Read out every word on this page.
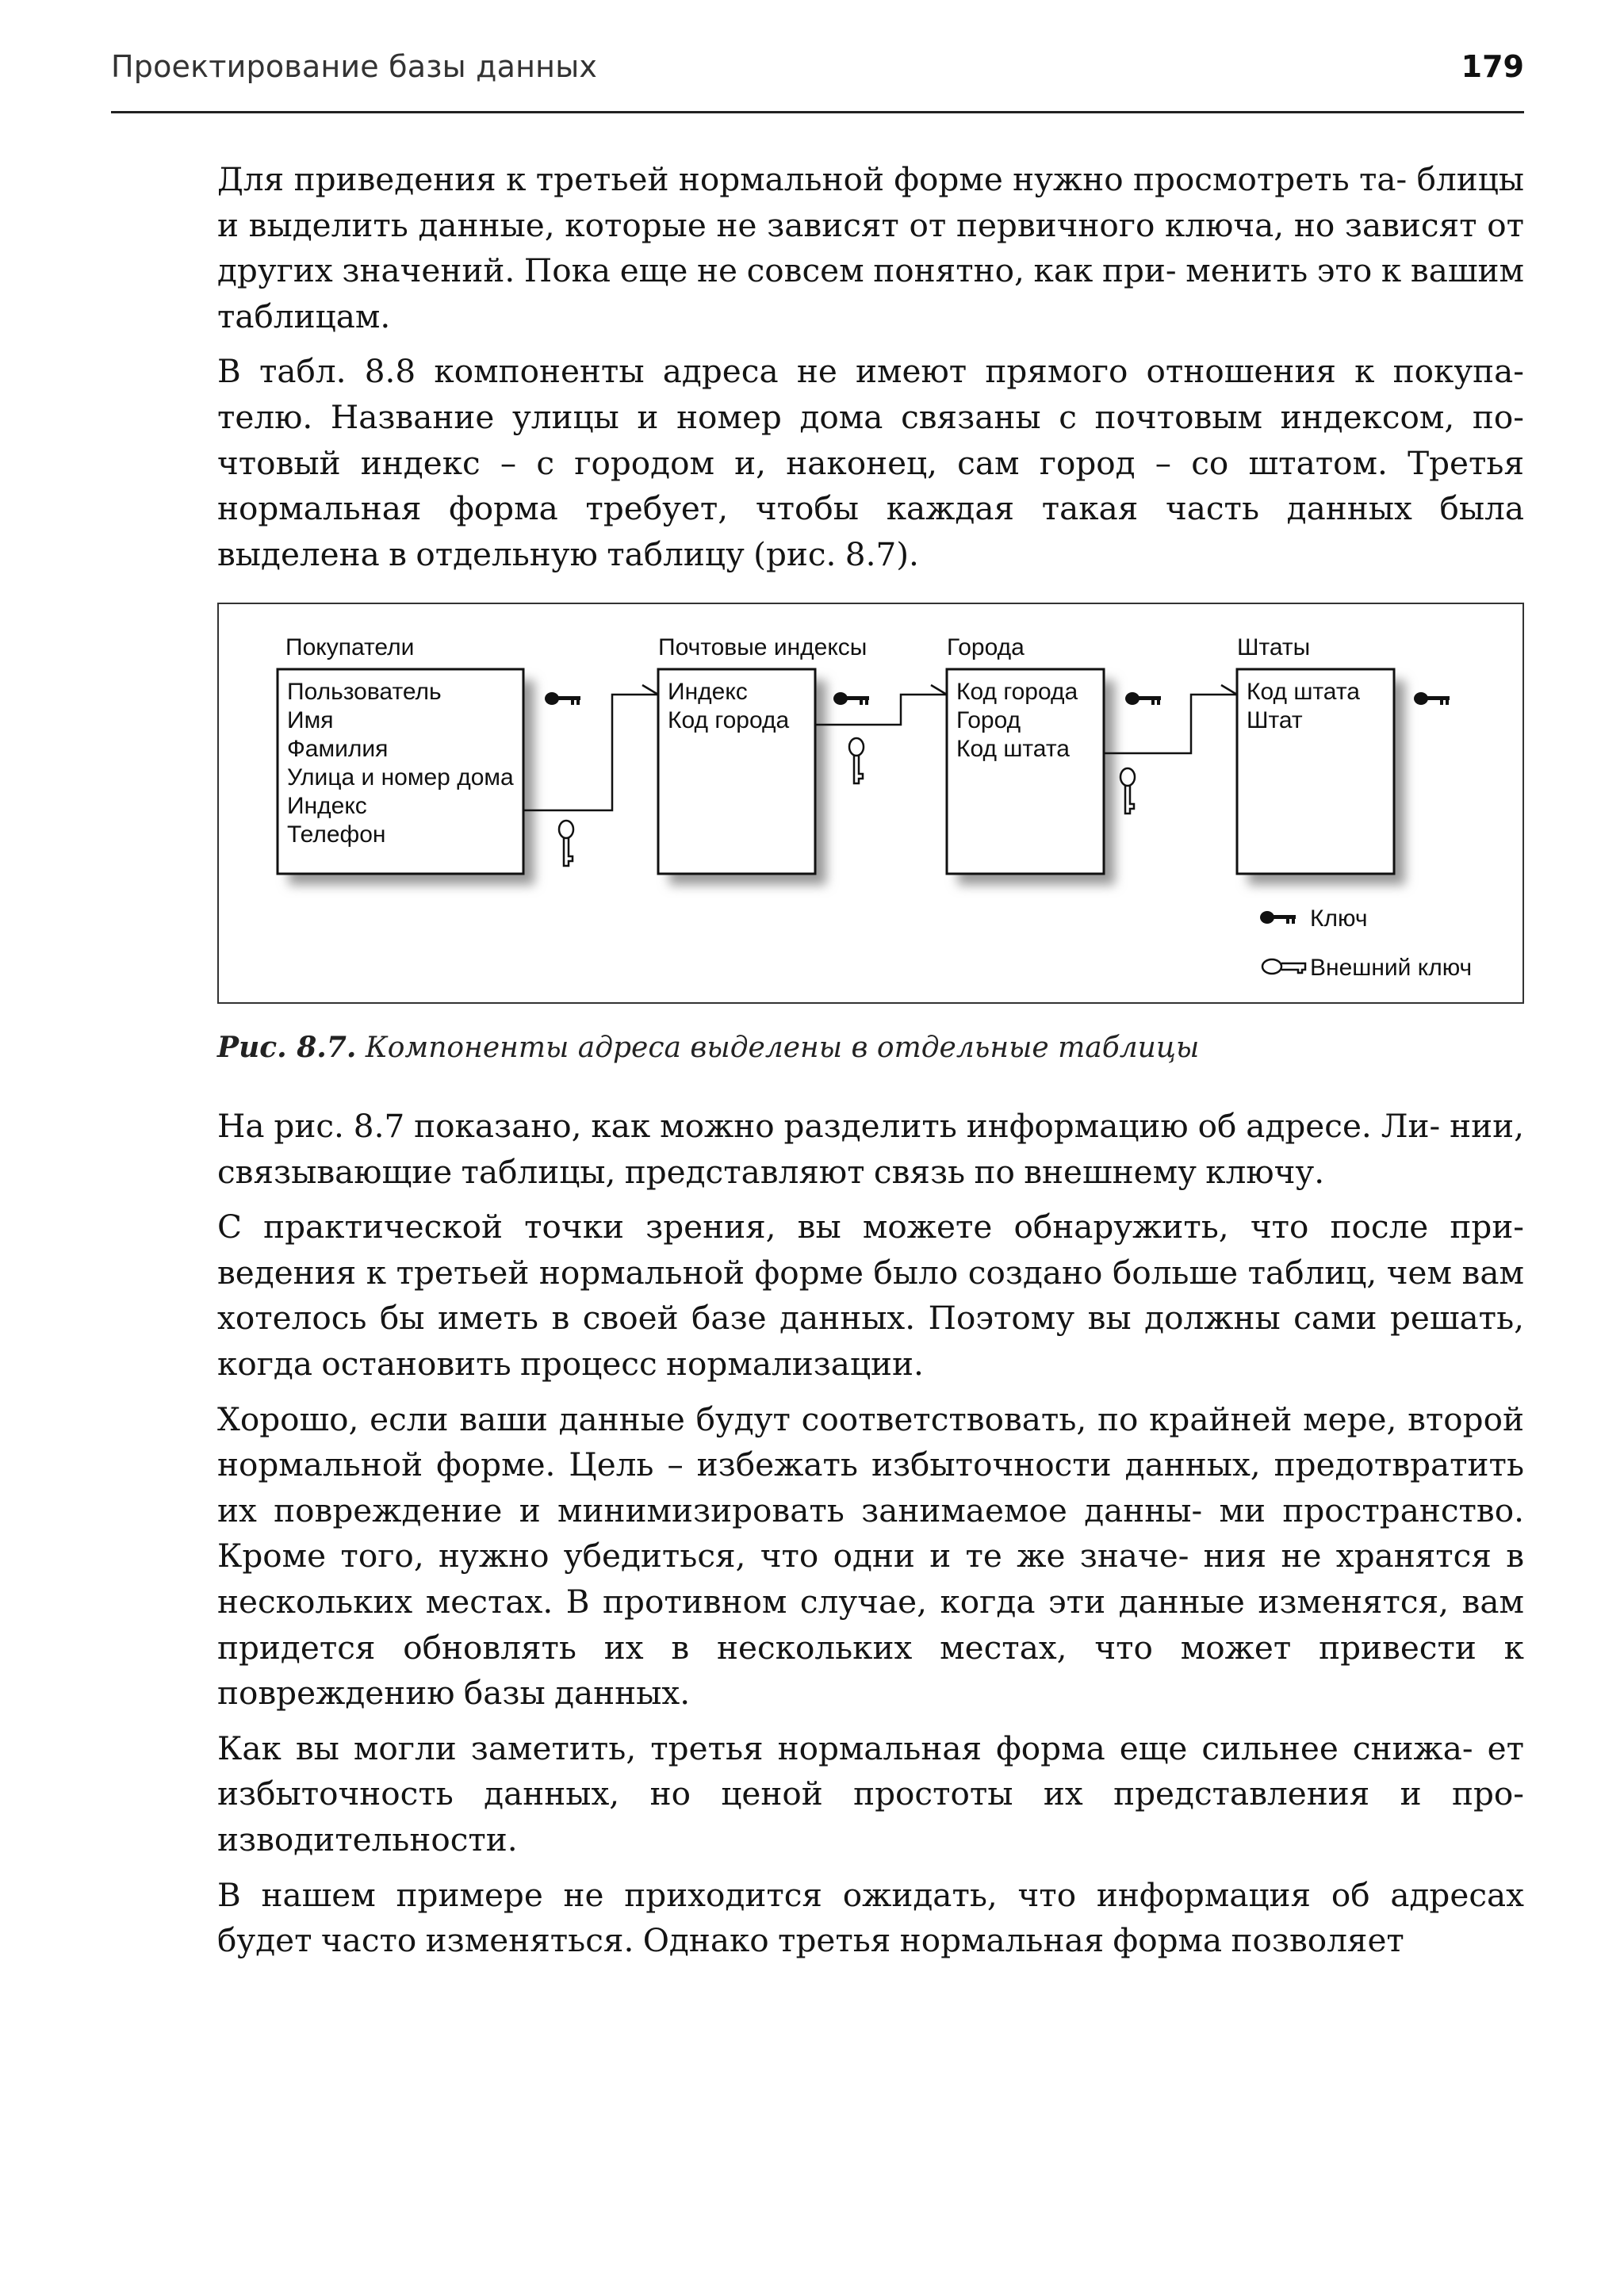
Проектирование базы данных	179

Для приведения к третьей нормальной форме нужно просмотреть та- блицы и выделить данные, которые не зависят от первичного ключа, но зависят от других значений. Пока еще не совсем понятно, как при- менить это к вашим таблицам.

В табл. 8.8 компоненты адреса не имеют прямого отношения к покупа- телю. Название улицы и номер дома связаны с почтовым индексом, по- чтовый индекс – с городом и, наконец, сам город – со штатом. Третья нормальная форма требует, чтобы каждая такая часть данных была выделена в отдельную таблицу (рис. 8.7).

Покупатели	Почтовые индексы	Города	Штаты
Пользователь
Имя
Фамилия
Улица и номер дома
Индекс
Телефон
Индекс
Код города
Код города
Город
Код штата
Код штата
Штат
Ключ
Внешний ключ
Рис. 8.7. Компоненты адреса выделены в отдельные таблицы

На рис. 8.7 показано, как можно разделить информацию об адресе. Ли- нии, связывающие таблицы, представляют связь по внешнему ключу.

С практической точки зрения, вы можете обнаружить, что после при- ведения к третьей нормальной форме было создано больше таблиц, чем вам хотелось бы иметь в своей базе данных. Поэтому вы должны сами решать, когда остановить процесс нормализации.

Хорошо, если ваши данные будут соответствовать, по крайней мере, второй нормальной форме. Цель – избежать избыточности данных, предотвратить их повреждение и минимизировать занимаемое данны- ми пространство. Кроме того, нужно убедиться, что одни и те же значе- ния не хранятся в нескольких местах. В противном случае, когда эти данные изменятся, вам придется обновлять их в нескольких местах, что может привести к повреждению базы данных.

Как вы могли заметить, третья нормальная форма еще сильнее снижа- ет избыточность данных, но ценой простоты их представления и про- изводительности.

В нашем примере не приходится ожидать, что информация об адресах будет часто изменяться. Однако третья нормальная форма позволяет
